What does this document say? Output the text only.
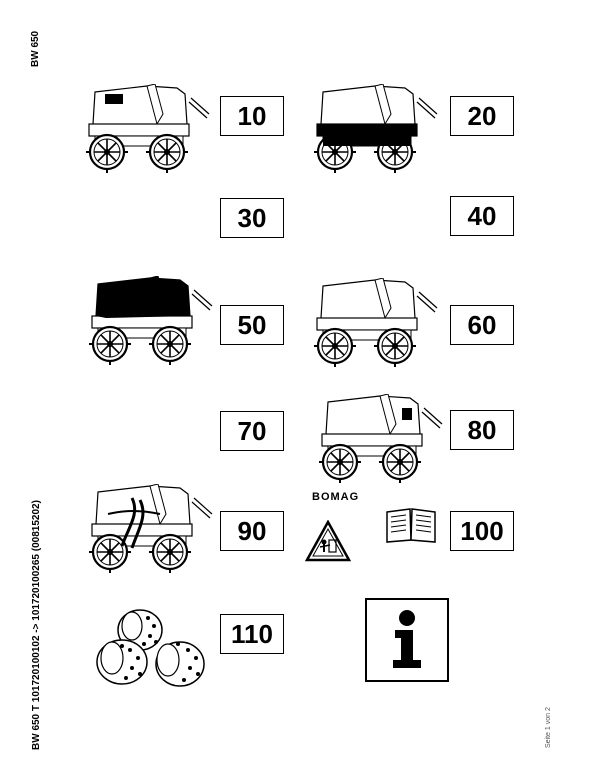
BW 650
BW 650 T 101720100102 -> 101720100265 (00815202)	Seite 1 von 2
10	20
30	40
50	60
70	80
90
BOMAG
100
110
